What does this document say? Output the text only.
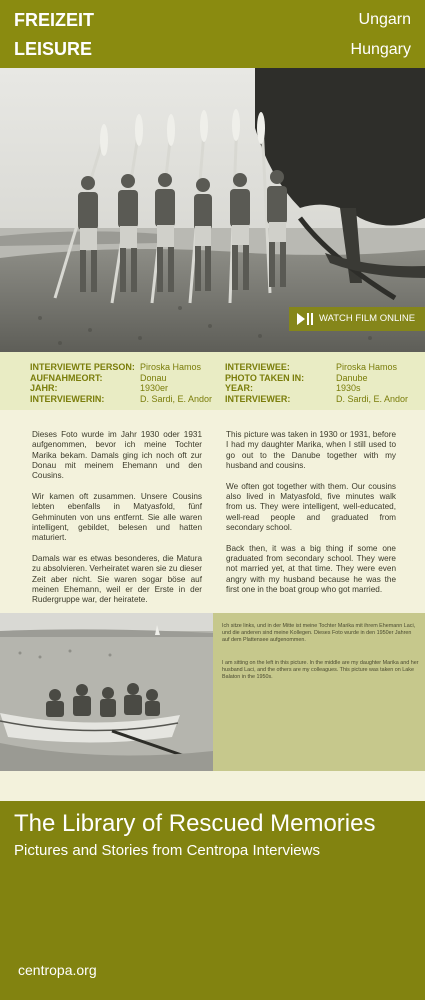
FREIZEIT
LEISURE
Ungarn
Hungary
WATCH FILM ONLINE
INTERVIEWTE PERSON: Piroska Hamos
AUFNAHMEORT:	Donau
JAHR:	1930er
INTERVIEWERIN:	D. Sardi, E. Andor
INTERVIEWEE:	Piroska Hamos
PHOTO TAKEN IN:	Danube
YEAR:	1930s
INTERVIEWER:	D. Sardi, E. Andor

Dieses Foto wurde im Jahr 1930 oder 1931 aufgenommen, bevor ich meine Tochter Marika bekam. Damals ging ich noch oft zur Donau mit meinem Ehemann und den Cousins.

Wir kamen oft zusammen. Unsere Cousins lebten ebenfalls in Matyasfold, fünf Gehminuten von uns entfernt. Sie alle waren intelligent, gebildet, belesen und hatten maturiert.

Damals war es etwas besonderes, die Matura zu absolvieren. Verheiratet waren sie zu dieser Zeit aber nicht. Sie waren sogar böse auf meinen Ehemann, weil er der Erste in der Rudergruppe war, der heiratete.

This picture was taken in 1930 or 1931, before I had my daughter Marika, when I still used to go out to the Danube together with my husband and cousins.

We often got together with them. Our cousins also lived in Matyasfold, five minutes walk from us. They were intelligent, well-educated, well-read people and graduated from secondary school.

Back then, it was a big thing if some one graduated from secondary school. They were not married yet, at that time. They were even angry with my husband because he was the first one in the boat group who got married.

Ich sitze links, und in der Mitte ist meine Tochter Marika mit ihrem Ehemann Laci, und die anderen sind meine Kollegen. Dieses Foto wurde in den 1950er Jahren auf dem Plattensee aufgenommen.
I am sitting on the left in this picture. In the middle are my daughter Marika and her husband Laci, and the others are my colleagues. This picture was taken on Lake Balaton in the 1950s.
The Library of Rescued Memories
Pictures and Stories from Centropa Interviews
centropa.org
